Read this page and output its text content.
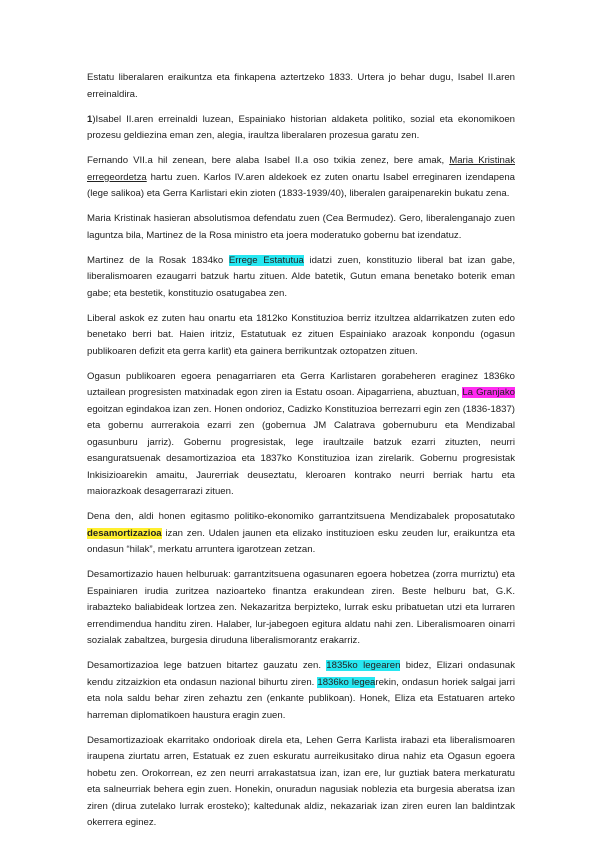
Estatu liberalaren eraikuntza eta finkapena aztertzeko 1833. Urtera jo behar dugu, Isabel II.aren erreinaldira.

1)Isabel II.aren erreinaldi luzean, Espainiako historian aldaketa politiko, sozial eta ekonomikoen prozesu geldiezina eman zen, alegia, iraultza liberalaren prozesua garatu zen.

Fernando VII.a hil zenean, bere alaba Isabel II.a oso txikia zenez, bere amak, Maria Kristinak erregeordetza hartu zuen. Karlos IV.aren aldekoek ez zuten onartu Isabel erreginaren izendapena (lege salikoa) eta Gerra Karlistari ekin zioten (1833-1939/40), liberalen garaipenarekin bukatu zena.

Maria Kristinak hasieran absolutismoa defendatu zuen (Cea Bermudez). Gero, liberalenganajo zuen laguntza bila, Martinez de la Rosa ministro eta joera moderatuko gobernu bat izendatuz.

Martinez de la Rosak 1834ko Errege Estatutua idatzi zuen, konstituzio liberal bat izan gabe, liberalismoaren ezaugarri batzuk hartu zituen. Alde batetik, Gutun emana benetako boterik eman gabe; eta bestetik, konstituzio osatugabea zen.

Liberal askok ez zuten hau onartu eta 1812ko Konstituzioa berriz itzultzea aldarrikatzen zuten edo benetako berri bat. Haien iritziz, Estatutuak ez zituen Espainiako arazoak konpondu (ogasun publikoaren defizit eta gerra karlit) eta gainera berrikuntzak oztopatzen zituen.

Ogasun publikoaren egoera penagarriaren eta Gerra Karlistaren gorabeheren eraginez 1836ko uztailean progresisten matxinadak egon ziren ia Estatu osoan. Aipagarriena, abuztuan, La Granjako egoitzan egindakoa izan zen. Honen ondorioz, Cadizko Konstituzioa berrezarri egin zen (1836-1837) eta gobernu aurrerakoia ezarri zen (gobernua JM Calatrava gobernuburu eta Mendizabal ogasunburu jarriz). Gobernu progresistak, lege iraultzaile batzuk ezarri zituzten, neurri esanguratsuenak desamortizazioa eta 1837ko Konstituzioa izan zirelarik. Gobernu progresistak Inkisizioarekin amaitu, Jaurerriak deuseztatu, kleroaren kontrako neurri berriak hartu eta maiorazkoak desagerrarazi zituen.

Dena den, aldi honen egitasmo politiko-ekonomiko garrantzitsuena Mendizabalek proposatutako desamortizazioa izan zen. Udalen jaunen eta elizako instituzioen esku zeuden lur, eraikuntza eta ondasun “hilak”, merkatu arruntera igarotzean zetzan.

Desamortizazio hauen helburuak: garrantzitsuena ogasunaren egoera hobetzea (zorra murriztu) eta Espainiaren irudia zuritzea nazioarteko finantza erakundean ziren. Beste helburu bat, G.K. irabazteko baliabideak lortzea zen. Nekazaritza berpizteko, lurrak esku pribatuetan utzi eta lurraren errendimendua handitu ziren. Halaber, lur-jabegoen egitura aldatu nahi zen. Liberalismoaren oinarri sozialak zabaltzea, burgesia diruduna liberalismorantz erakarriz.

Desamortizazioa lege batzuen bitartez gauzatu zen. 1835ko legearen bidez, Elizari ondasunak kendu zitzaizkion eta ondasun nazional bihurtu ziren. 1836ko legearekin, ondasun horiek salgai jarri eta nola saldu behar ziren zehaztu zen (enkante publikoan). Honek, Eliza eta Estatuaren arteko harreman diplomatikoen haustura eragin zuen.

Desamortizazioak ekarritako ondorioak direla eta, Lehen Gerra Karlista irabazi eta liberalismoaren iraupena ziurtatu arren, Estatuak ez zuen eskuratu aurreikusitako dirua nahiz eta Ogasun egoera hobetu zen. Orokorrean, ez zen neurri arrakastatsua izan, izan ere, lur guztiak batera merkaturatu eta salneurriak behera egin zuen. Honekin, onuradun nagusiak noblezia eta burgesia aberatsa izan ziren (dirua zutelako lurrak erosteko); kaltedunak aldiz, nekazariak izan ziren euren lan baldintzak okerrera eginez.
